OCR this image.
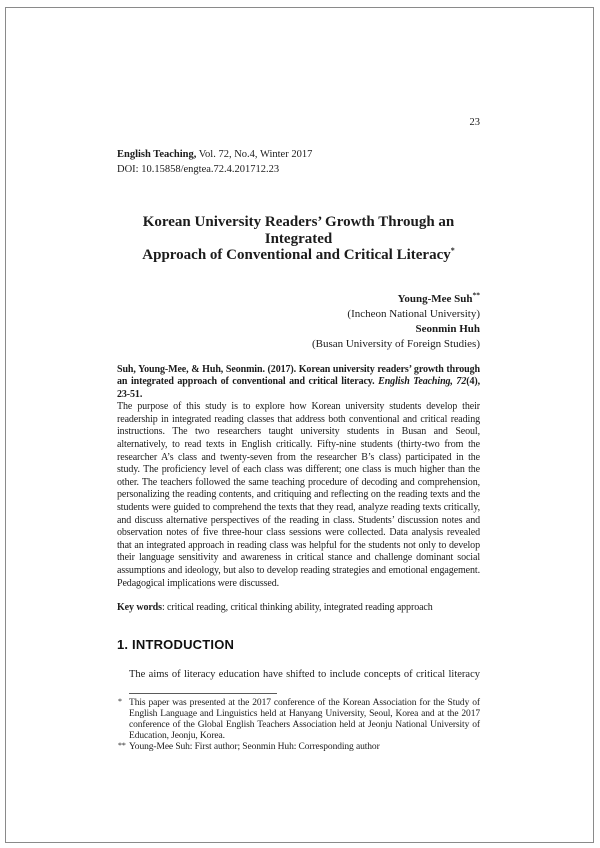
23
English Teaching, Vol. 72, No.4, Winter 2017
DOI: 10.15858/engtea.72.4.201712.23
Korean University Readers’ Growth Through an Integrated
Approach of Conventional and Critical Literacy*
Young-Mee Suh**
(Incheon National University)
Seonmin Huh
(Busan University of Foreign Studies)

Suh, Young-Mee, & Huh, Seonmin. (2017). Korean university readers’ growth through an integrated approach of conventional and critical literacy. English Teaching, 72(4), 23-51.

The purpose of this study is to explore how Korean university students develop their readership in integrated reading classes that address both conventional and critical reading instructions. The two researchers taught university students in Busan and Seoul, alternatively, to read texts in English critically. Fifty-nine students (thirty-two from the researcher A’s class and twenty-seven from the researcher B’s class) participated in the study. The proficiency level of each class was different; one class is much higher than the other. The teachers followed the same teaching procedure of decoding and comprehension, personalizing the reading contents, and critiquing and reflecting on the reading texts and the students were guided to comprehend the texts that they read, analyze reading texts critically, and discuss alternative perspectives of the reading in class. Students’ discussion notes and observation notes of five three-hour class sessions were collected. Data analysis revealed that an integrated approach in reading class was helpful for the students not only to develop their language sensitivity and awareness in critical stance and challenge dominant social assumptions and ideology, but also to develop reading strategies and emotional engagement. Pedagogical implications were discussed.

Key words: critical reading, critical thinking ability, integrated reading approach

1. INTRODUCTION

The aims of literacy education have shifted to include concepts of critical literacy

* This paper was presented at the 2017 conference of the Korean Association for the Study of English Language and Linguistics held at Hanyang University, Seoul, Korea and at the 2017 conference of the Global English Teachers Association held at Jeonju National University of Education, Jeonju, Korea.
** Young-Mee Suh: First author; Seonmin Huh: Corresponding author
